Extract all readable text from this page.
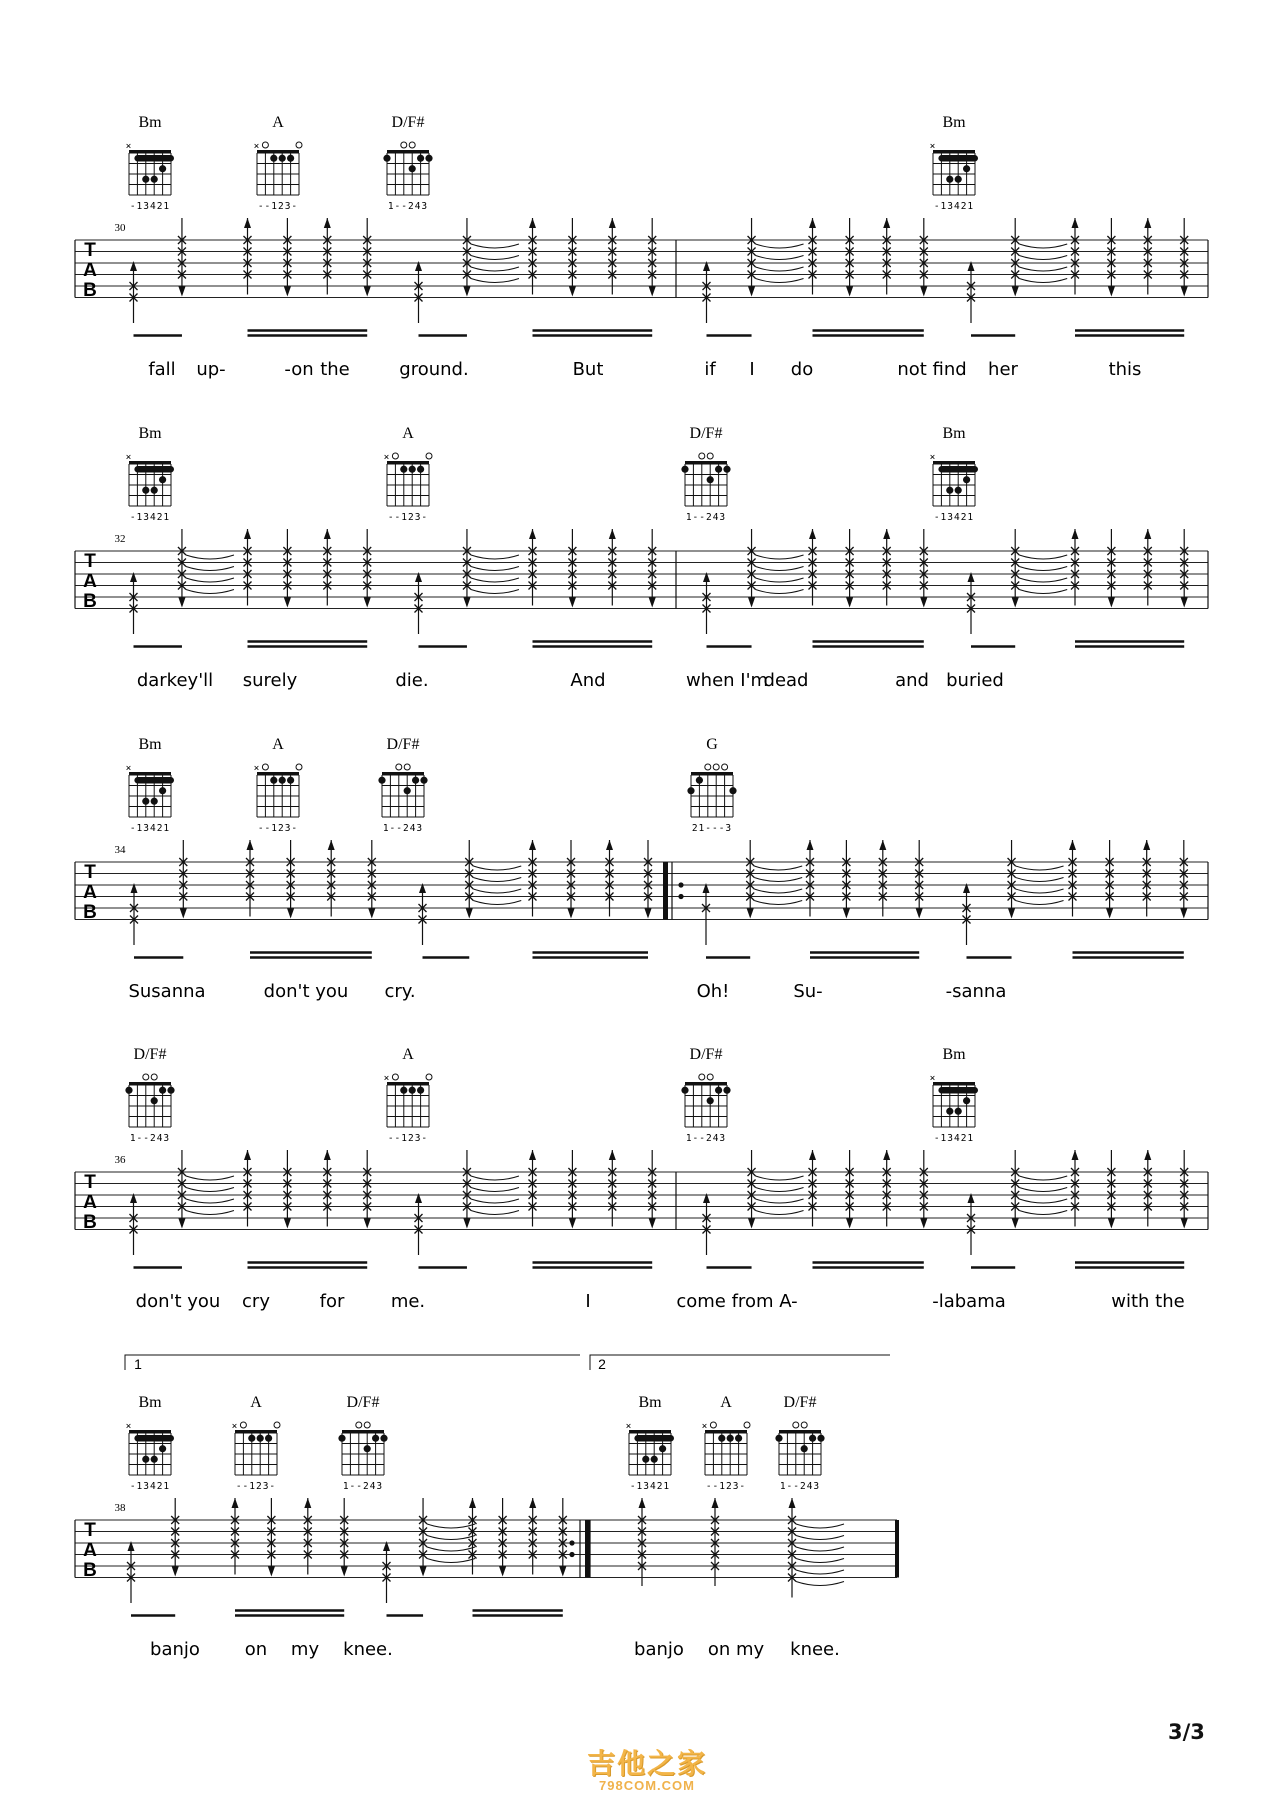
T
A
B
30
Bm
×
-13421
A
×
--123-
D/F#
1--243
Bm
×
-13421
fall up-	-on the	ground.	But	if I do	not find her	this
T
A
B
32
Bm
×
-13421
A
×
--123-
D/F#
1--243
Bm
×
-13421
darkey'll surely	die.	And	when I'm
dead	and buried
T
A
B
34
Bm
×
-13421
A
×
--123-
D/F#
1--243
G
21---3
Susanna	don't you cry.	Oh!	Su-	-sanna
T
A
B
36
D/F#
1--243
A
×
--123-
D/F#
1--243
Bm
×
-13421
don't you cry	for	me.	I	come from A-	-labama	with the
T
A
B
38
1	2
Bm
×
-13421
A
×
--123-
D/F#
1--243
Bm
×
-13421
A
×
--123-
D/F#
1--243
banjo on my knee.	banjo on my knee.
3/3
吉他之家
798COM.COM
